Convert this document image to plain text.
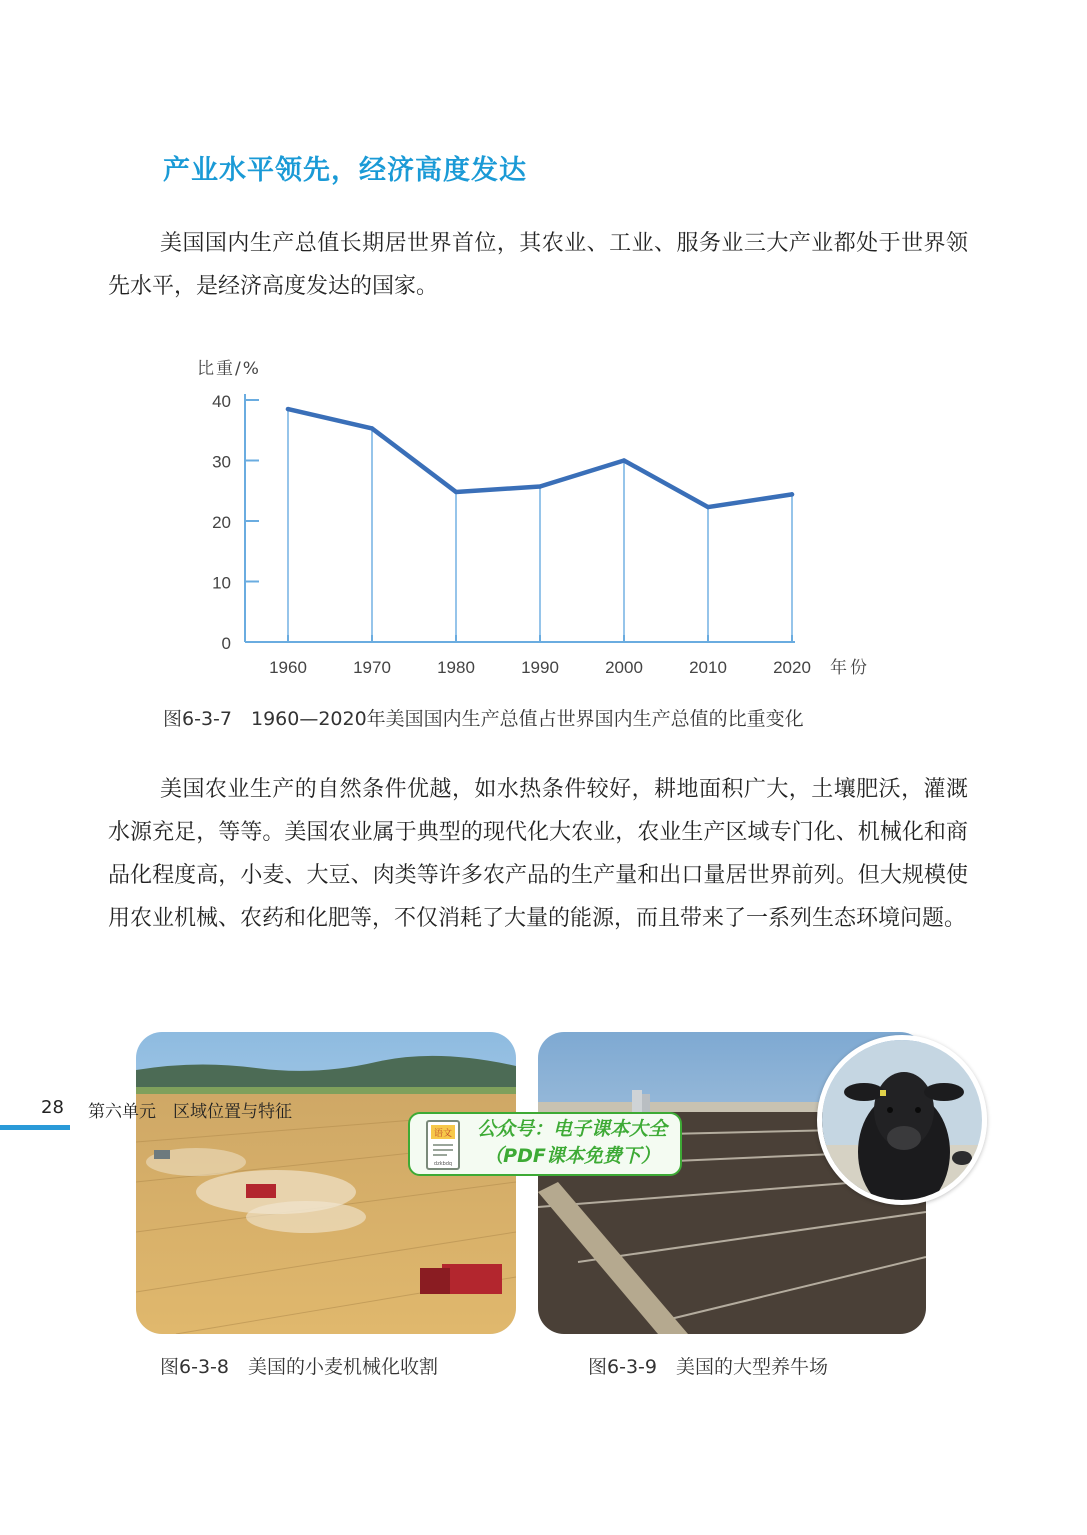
产业水平领先，经济高度发达

美国国内生产总值长期居世界首位，其农业、工业、服务业三大产业都处于世界领先水平，是经济高度发达的国家。

0
10
20
30
40
1960	1970	1980	1990	2000	2010	2020
比重/%
年份
图6-3-7　1960—2020年美国国内生产总值占世界国内生产总值的比重变化

美国农业生产的自然条件优越，如水热条件较好，耕地面积广大，土壤肥沃，灌溉水源充足，等等。美国农业属于典型的现代化大农业，农业生产区域专门化、机械化和商品化程度高，小麦、大豆、肉类等许多农产品的生产量和出口量居世界前列。但大规模使用农业机械、农药和化肥等，不仅消耗了大量的能源，而且带来了一系列生态环境问题。

图6-3-8　美国的小麦机械化收割	图6-3-9　美国的大型养牛场
28 第六单元　区域位置与特征
语文
dzkbdq
公众号：电子课本大全
（PDF课本免费下）
